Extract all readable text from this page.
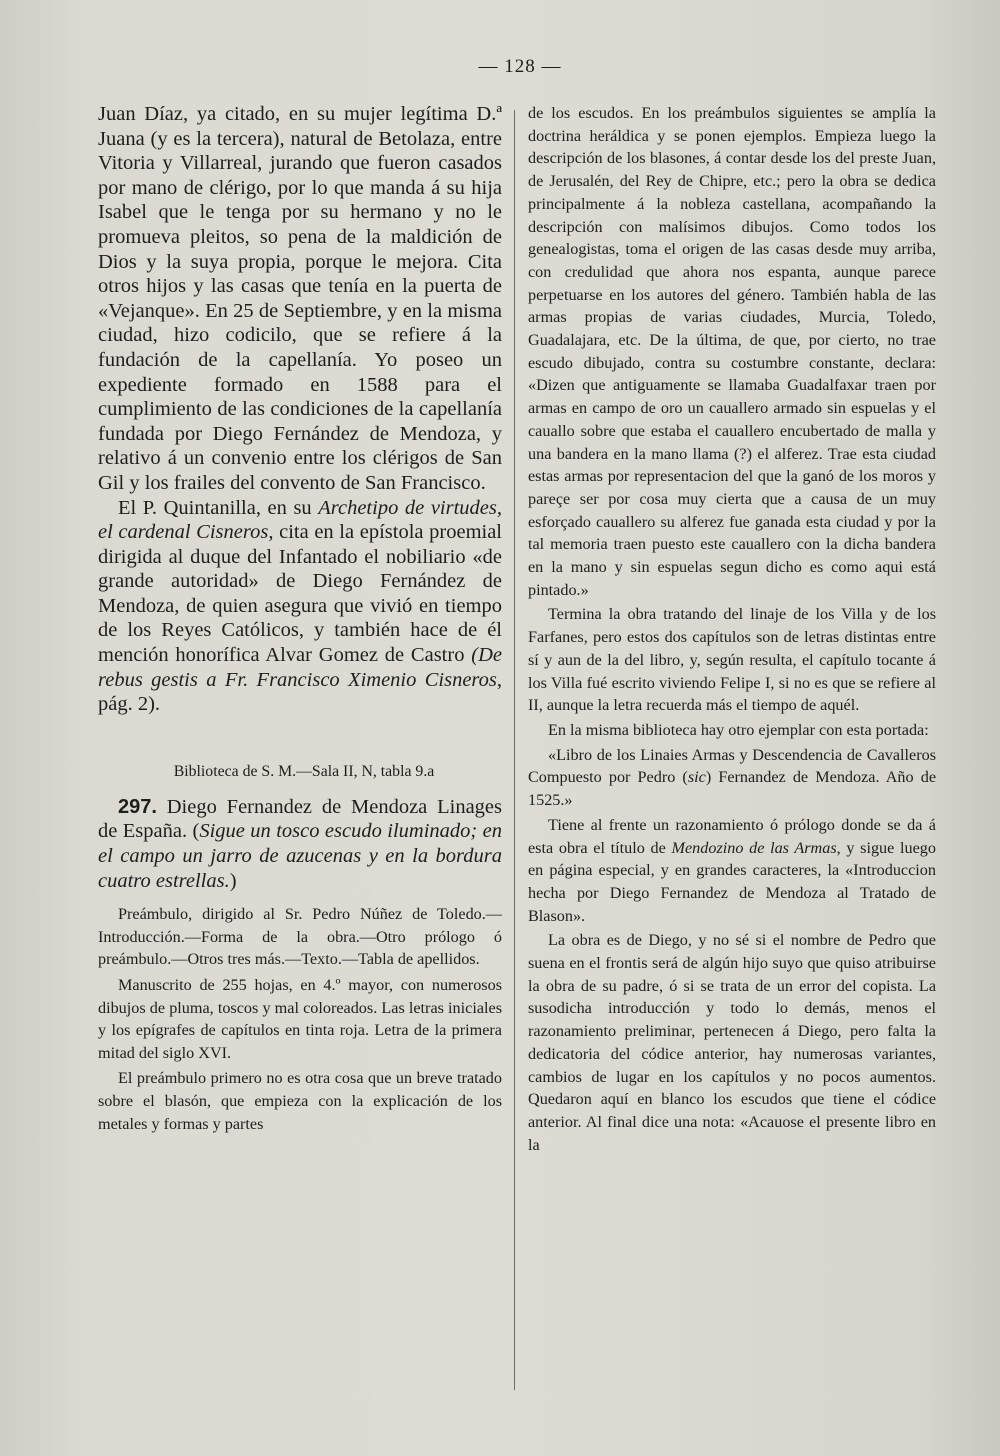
— 128 —

Juan Díaz, ya citado, en su mujer legítima D.ª Juana (y es la tercera), natural de Betolaza, entre Vitoria y Villarreal, jurando que fueron casados por mano de clérigo, por lo que manda á su hija Isabel que le tenga por su hermano y no le promueva pleitos, so pena de la maldición de Dios y la suya propia, porque le mejora. Cita otros hijos y las casas que tenía en la puerta de «Vejanque». En 25 de Septiembre, y en la misma ciudad, hizo codicilo, que se refiere á la fundación de la capellanía. Yo poseo un expediente formado en 1588 para el cumplimiento de las condiciones de la capellanía fundada por Diego Fernández de Mendoza, y relativo á un convenio entre los clérigos de San Gil y los frailes del convento de San Francisco.

El P. Quintanilla, en su Archetipo de virtudes, el cardenal Cisneros, cita en la epístola proemial dirigida al duque del Infantado el nobiliario «de grande autoridad» de Diego Fernández de Mendoza, de quien asegura que vivió en tiempo de los Reyes Católicos, y también hace de él mención honorífica Alvar Gomez de Castro (De rebus gestis a Fr. Francisco Ximenio Cisneros, pág. 2).

Biblioteca de S. M.—Sala II, N, tabla 9.a

297. Diego Fernandez de Mendoza Linages de España. (Sigue un tosco escudo iluminado; en el campo un jarro de azucenas y en la bordura cuatro estrellas.)

Preámbulo, dirigido al Sr. Pedro Núñez de Toledo.—Introducción.—Forma de la obra.—Otro prólogo ó preámbulo.—Otros tres más.—Texto.—Tabla de apellidos.

Manuscrito de 255 hojas, en 4.º mayor, con numerosos dibujos de pluma, toscos y mal coloreados. Las letras iniciales y los epígrafes de capítulos en tinta roja. Letra de la primera mitad del siglo XVI.

El preámbulo primero no es otra cosa que un breve tratado sobre el blasón, que empieza con la explicación de los metales y formas y partes

de los escudos. En los preámbulos siguientes se amplía la doctrina heráldica y se ponen ejemplos. Empieza luego la descripción de los blasones, á contar desde los del preste Juan, de Jerusalén, del Rey de Chipre, etc.; pero la obra se dedica principalmente á la nobleza castellana, acompañando la descripción con malísimos dibujos. Como todos los genealogistas, toma el origen de las casas desde muy arriba, con credulidad que ahora nos espanta, aunque parece perpetuarse en los autores del género. También habla de las armas propias de varias ciudades, Murcia, Toledo, Guadalajara, etc. De la última, de que, por cierto, no trae escudo dibujado, contra su costumbre constante, declara: «Dizen que antiguamente se llamaba Guadalfaxar traen por armas en campo de oro un cauallero armado sin espuelas y el cauallo sobre que estaba el cauallero encubertado de malla y una bandera en la mano llama (?) el alferez. Trae esta ciudad estas armas por representacion del que la ganó de los moros y pareçe ser por cosa muy cierta que a causa de un muy esforçado cauallero su alferez fue ganada esta ciudad y por la tal memoria traen puesto este cauallero con la dicha bandera en la mano y sin espuelas segun dicho es como aqui está pintado.»

Termina la obra tratando del linaje de los Villa y de los Farfanes, pero estos dos capítulos son de letras distintas entre sí y aun de la del libro, y, según resulta, el capítulo tocante á los Villa fué escrito viviendo Felipe I, si no es que se refiere al II, aunque la letra recuerda más el tiempo de aquél.

En la misma biblioteca hay otro ejemplar con esta portada:

«Libro de los Linaies Armas y Descendencia de Cavalleros Compuesto por Pedro (sic) Fernandez de Mendoza. Año de 1525.»

Tiene al frente un razonamiento ó prólogo donde se da á esta obra el título de Mendozino de las Armas, y sigue luego en página especial, y en grandes caracteres, la «Introduccion hecha por Diego Fernandez de Mendoza al Tratado de Blason».

La obra es de Diego, y no sé si el nombre de Pedro que suena en el frontis será de algún hijo suyo que quiso atribuirse la obra de su padre, ó si se trata de un error del copista. La susodicha introducción y todo lo demás, menos el razonamiento preliminar, pertenecen á Diego, pero falta la dedicatoria del códice anterior, hay numerosas variantes, cambios de lugar en los capítulos y no pocos aumentos. Quedaron aquí en blanco los escudos que tiene el códice anterior. Al final dice una nota: «Acauose el presente libro en la
